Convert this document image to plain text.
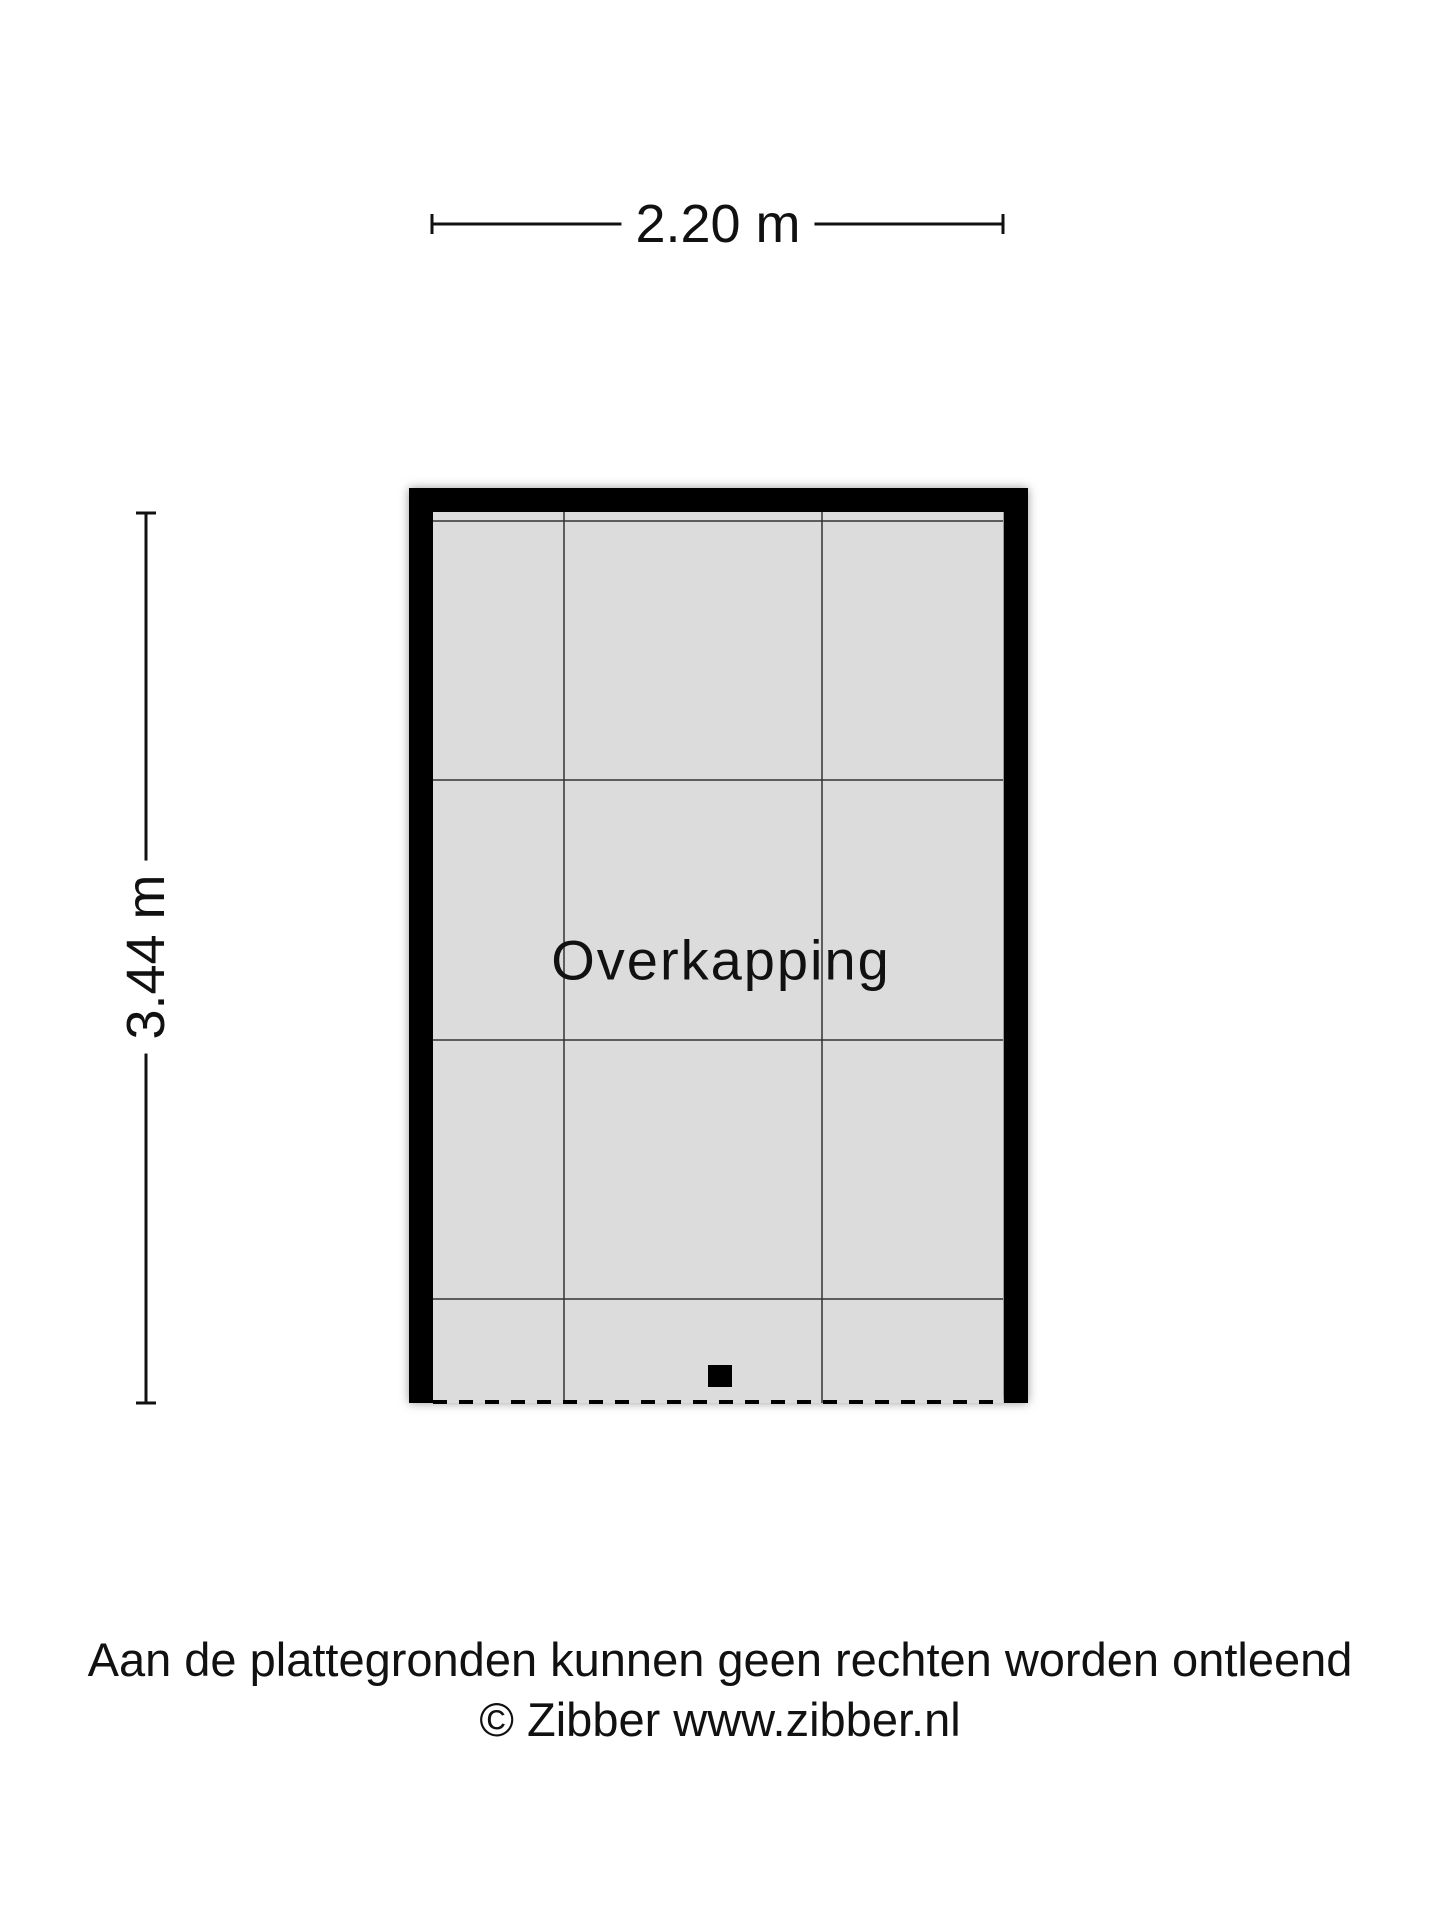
2.20 m
3.44 m	Overkapping
Aan de plattegronden kunnen geen rechten worden ontleend
© Zibber www.zibber.nl
